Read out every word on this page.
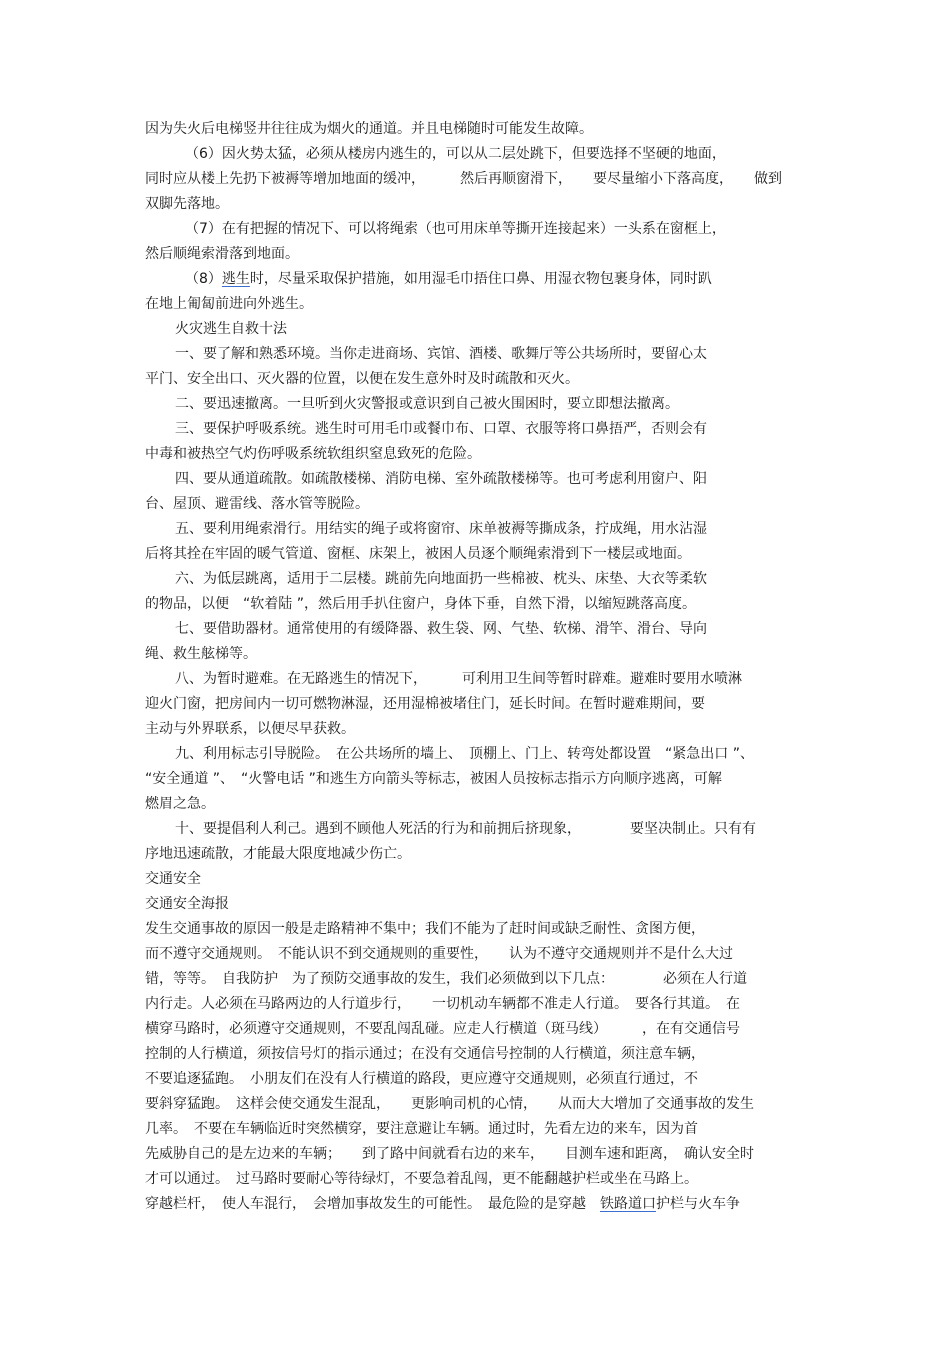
因为失火后电梯竖井往往成为烟火的通道。并且电梯随时可能发生故障。
（6）因火势太猛，必须从楼房内逃生的，可以从二层处跳下，但要选择不坚硬的地面，
同时应从楼上先扔下被褥等增加地面的缓冲，　　　然后再顺窗滑下，　　要尽量缩小下落高度，　　做到
双脚先落地。
（7）在有把握的情况下、可以将绳索（也可用床单等撕开连接起来）一头系在窗框上，
然后顺绳索滑落到地面。
（8）逃生时，尽量采取保护措施，如用湿毛巾捂住口鼻、用湿衣物包裹身体，同时趴
在地上匍匐前进向外逃生。
火灾逃生自救十法
一、要了解和熟悉环境。当你走进商场、宾馆、酒楼、歌舞厅等公共场所时，要留心太
平门、安全出口、灭火器的位置，以便在发生意外时及时疏散和灭火。
二、要迅速撤离。一旦听到火灾警报或意识到自己被火围困时，要立即想法撤离。
三、要保护呼吸系统。逃生时可用毛巾或餐巾布、口罩、衣服等将口鼻捂严，否则会有
中毒和被热空气灼伤呼吸系统软组织窒息致死的危险。
四、要从通道疏散。如疏散楼梯、消防电梯、室外疏散楼梯等。也可考虑利用窗户、阳
台、屋顶、避雷线、落水管等脱险。
五、要利用绳索滑行。用结实的绳子或将窗帘、床单被褥等撕成条，拧成绳，用水沾湿
后将其拴在牢固的暖气管道、窗框、床架上，被困人员逐个顺绳索滑到下一楼层或地面。
六、为低层跳离，适用于二层楼。跳前先向地面扔一些棉被、枕头、床垫、大衣等柔软
的物品，以便　“软着陆 ”，然后用手扒住窗户，身体下垂，自然下滑，以缩短跳落高度。
七、要借助器材。通常使用的有缓降器、救生袋、网、气垫、软梯、滑竿、滑台、导向
绳、救生舷梯等。
八、为暂时避难。在无路逃生的情况下，　　　可利用卫生间等暂时辟难。避难时要用水喷淋
迎火门窗，把房间内一切可燃物淋湿，还用湿棉被堵住门，延长时间。在暂时避难期间，要
主动与外界联系，以便尽早获救。
九、利用标志引导脱险。　在公共场所的墙上、　顶棚上、门上、转弯处都设置　“紧急出口 ”、
“安全通道 ”、　“火警电话 ”和逃生方向箭头等标志，被困人员按标志指示方向顺序逃离，可解
燃眉之急。
十、要提倡利人利己。遇到不顾他人死活的行为和前拥后挤现象，　　　　要坚决制止。只有有
序地迅速疏散，才能最大限度地减少伤亡。
交通安全
交通安全海报
发生交通事故的原因一般是走路精神不集中；我们不能为了赶时间或缺乏耐性、贪图方便，
而不遵守交通规则。　不能认识不到交通规则的重要性，　　认为不遵守交通规则并不是什么大过
错，等等。　自我防护　为了预防交通事故的发生，我们必须做到以下几点：　　　　必须在人行道
内行走。人必须在马路两边的人行道步行，　　一切机动车辆都不准走人行道。　要各行其道。　在
横穿马路时，必须遵守交通规则，不要乱闯乱碰。应走人行横道（斑马线）　　　，在有交通信号
控制的人行横道，须按信号灯的指示通过；在没有交通信号控制的人行横道，须注意车辆，
不要追逐猛跑。　小朋友们在没有人行横道的路段，更应遵守交通规则，必须直行通过，不
要斜穿猛跑。　这样会使交通发生混乱，　　更影响司机的心情，　　从而大大增加了交通事故的发生
几率。　不要在车辆临近时突然横穿，要注意避让车辆。通过时，先看左边的来车，因为首
先威胁自己的是左边来的车辆；　　到了路中间就看右边的来车，　　目测车速和距离，　确认安全时
才可以通过。　过马路时要耐心等待绿灯，不要急着乱闯，更不能翻越护栏或坐在马路上。
穿越栏杆，　使人车混行，　会增加事故发生的可能性。　最危险的是穿越　铁路道口护栏与火车争
